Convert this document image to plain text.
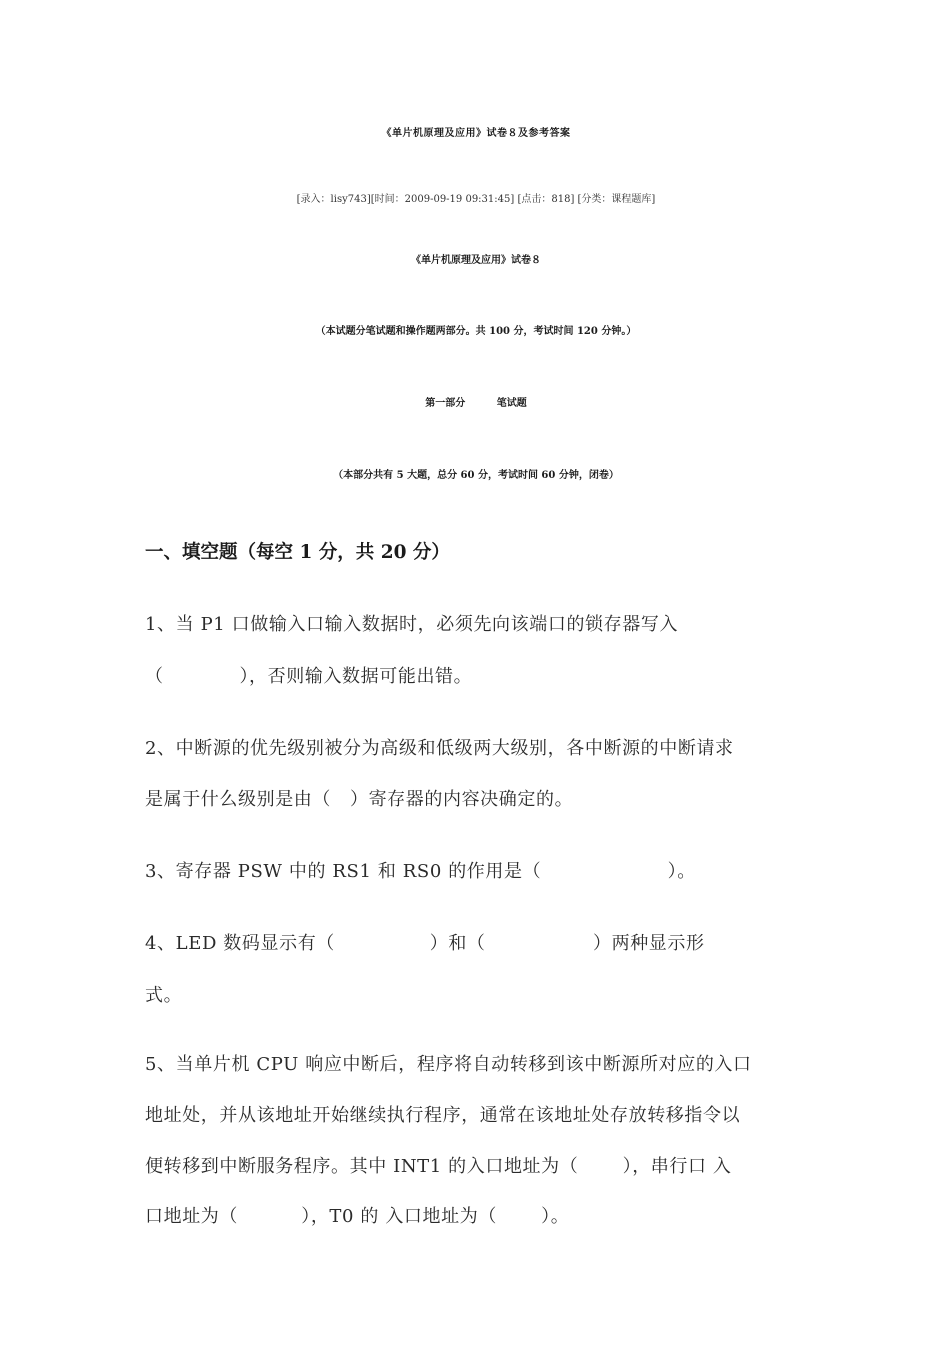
《单片机原理及应用》试卷８及参考答案
[录入：lisy743][时间：2009-09-19 09:31:45] [点击：818] [分类：课程题库]
《单片机原理及应用》试卷８
（本试题分笔试题和操作题两部分。共 100 分，考试时间 120 分钟。）
第一部分 笔试题
（本部分共有 5 大题，总分 60 分，考试时间 60 分钟，闭卷）
一、填空题（每空 1 分，共 20 分）
1、当 P1 口做输入口输入数据时，必须先向该端口的锁存器写入
（            ），否则输入数据可能出错。
2、中断源的优先级别被分为高级和低级两大级别，各中断源的中断请求
是属于什么级别是由（   ）寄存器的内容决确定的。
3、寄存器 PSW 中的 RS1 和 RS0 的作用是（                    ）。
4、LED 数码显示有（               ）和（                 ）两种显示形
式。
5、当单片机 CPU 响应中断后，程序将自动转移到该中断源所对应的入口
地址处，并从该地址开始继续执行程序，通常在该地址处存放转移指令以
便转移到中断服务程序。其中 INT1 的入口地址为（       ），串行口 入
口地址为（          ），T0 的 入口地址为（       ）。
